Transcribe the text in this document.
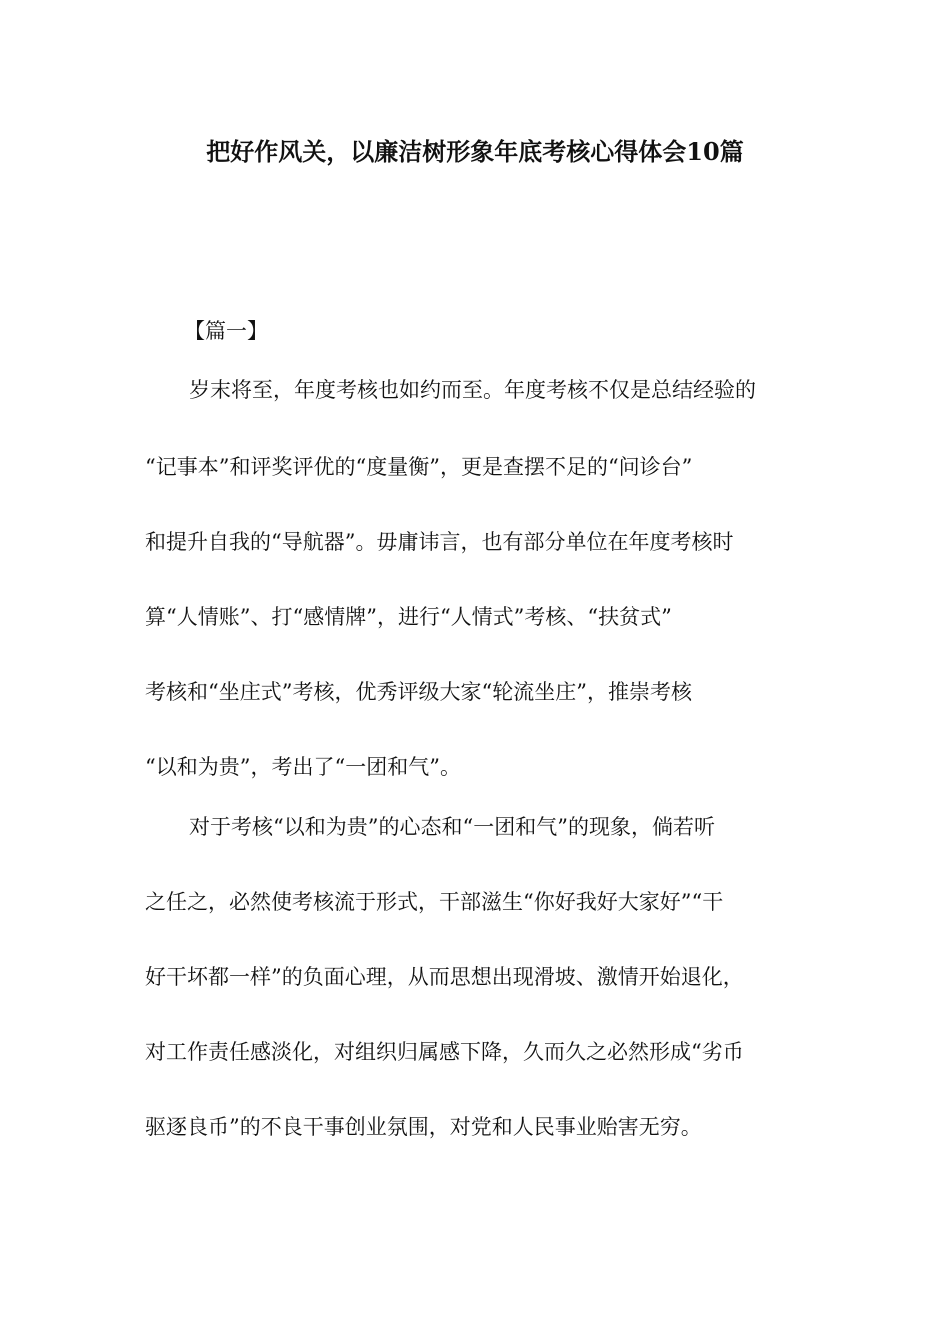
把好作风关，以廉洁树形象年底考核心得体会10篇
【篇一】
岁末将至，年度考核也如约而至。年度考核不仅是总结经验的
“记事本”和评奖评优的“度量衡”，更是查摆不足的“问诊台”
和提升自我的“导航器”。毋庸讳言，也有部分单位在年度考核时
算“人情账”、打“感情牌”，进行“人情式”考核、“扶贫式”
考核和“坐庄式”考核，优秀评级大家“轮流坐庄”，推崇考核
“以和为贵”，考出了“一团和气”。
对于考核“以和为贵”的心态和“一团和气”的现象，倘若听
之任之，必然使考核流于形式，干部滋生“你好我好大家好”“干
好干坏都一样”的负面心理，从而思想出现滑坡、激情开始退化，
对工作责任感淡化，对组织归属感下降，久而久之必然形成“劣币
驱逐良币”的不良干事创业氛围，对党和人民事业贻害无穷。
